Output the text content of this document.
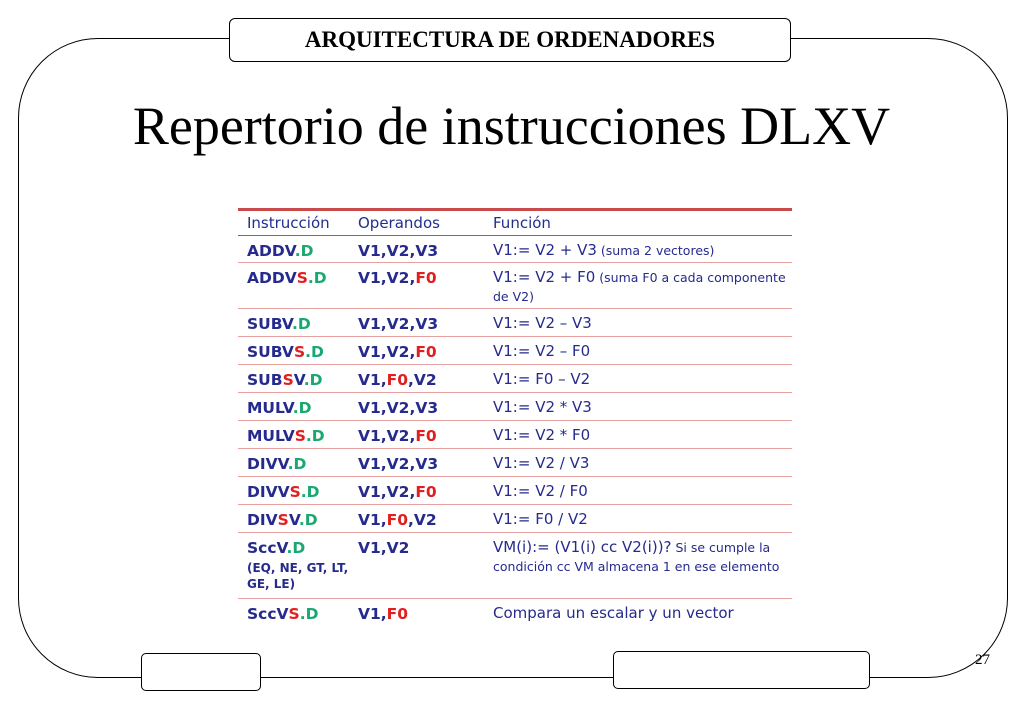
ARQUITECTURA DE ORDENADORES
Repertorio de instrucciones DLXV
Instrucción	Operandos	Función
ADDV.D	V1,V2,V3	V1:= V2 + V3 (suma 2 vectores)
ADDVS.D	V1,V2,F0	V1:= V2 + F0 (suma F0 a cada componente de V2)
SUBV.D	V1,V2,V3	V1:= V2 – V3
SUBVS.D	V1,V2,F0	V1:= V2 – F0
SUBSV.D	V1,F0,V2	V1:= F0 – V2
MULV.D	V1,V2,V3	V1:= V2 * V3
MULVS.D	V1,V2,F0	V1:= V2 * F0
DIVV.D	V1,V2,V3	V1:= V2 / V3
DIVVS.D	V1,V2,F0	V1:= V2 / F0
DIVSV.D	V1,F0,V2	V1:= F0 / V2
SccV.D
(EQ, NE, GT, LT, GE, LE)
V1,V2	VM(i):= (V1(i) cc V2(i))? Si se cumple la condición cc VM almacena 1 en ese elemento
SccVS.D	V1,F0	Compara un escalar y un vector
27
